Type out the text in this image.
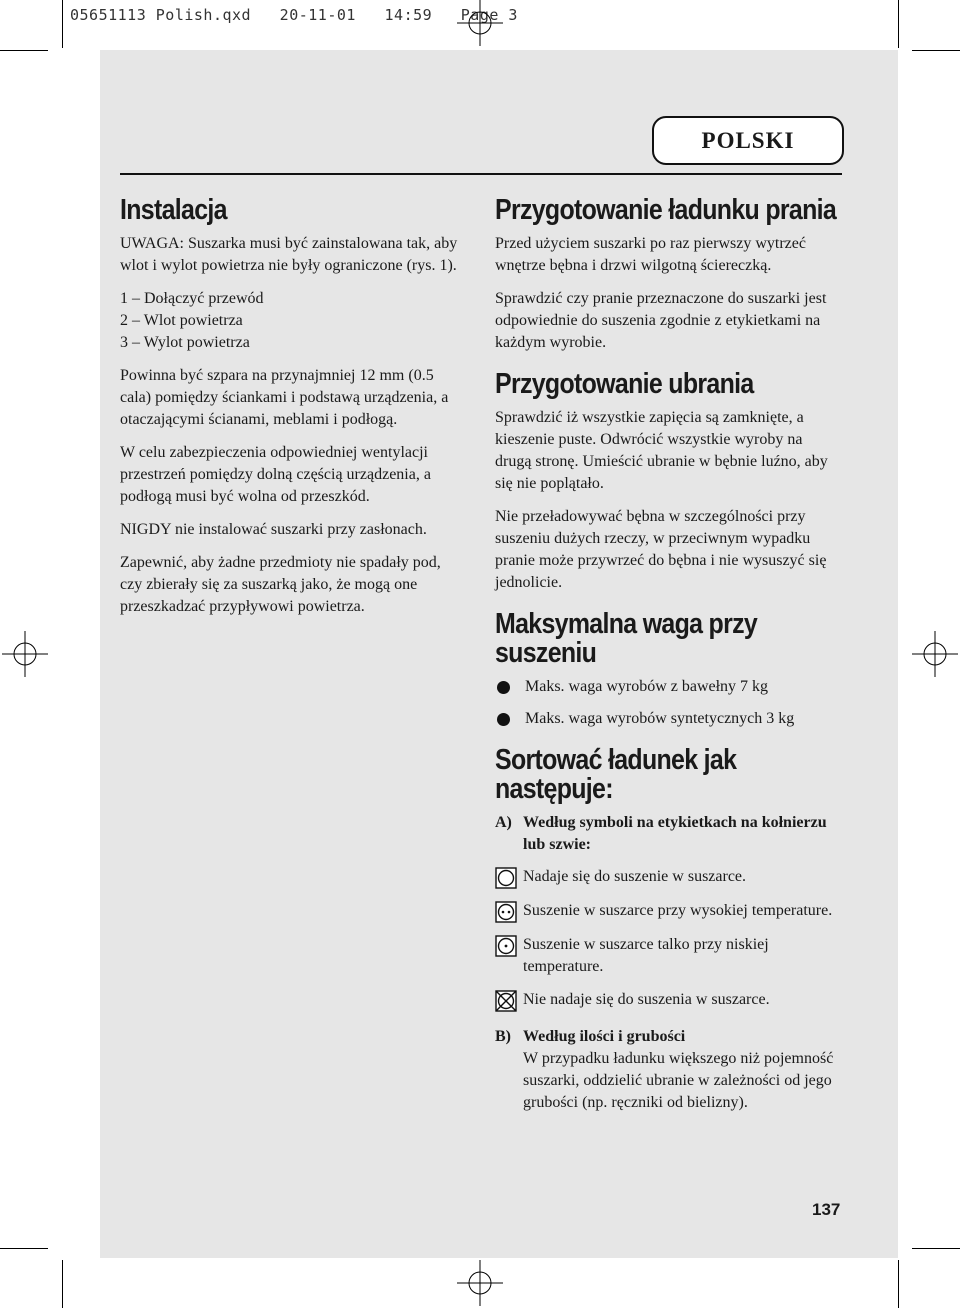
05651113 Polish.qxd   20-11-01   14:59   Page 3
POLSKI
Instalacja

UWAGA: Suszarka musi być zainstalowana tak, aby wlot i wylot powietrza nie były ograniczone (rys. 1).

1 – Dołączyć przewód

2 – Wlot powietrza

3 – Wylot powietrza

Powinna być szpara na przynajmniej 12 mm (0.5 cala) pomiędzy ściankami i podstawą urządzenia, a otaczającymi ścianami, meblami i podłogą.

W celu zabezpieczenia odpowiedniej wentylacji przestrzeń pomiędzy dolną częścią urządzenia, a podłogą musi być wolna od przeszkód.

NIGDY nie instalować suszarki przy zasłonach.

Zapewnić, aby żadne przedmioty nie spadały pod, czy zbierały się za suszarką jako, że mogą one przeszkadzać przypływowi powietrza.

Przygotowanie ładunku prania

Przed użyciem suszarki po raz pierwszy wytrzeć wnętrze bębna i drzwi wilgotną ściereczką.

Sprawdzić czy pranie przeznaczone do suszarki jest odpowiednie do suszenia zgodnie z etykietkami na każdym wyrobie.

Przygotowanie ubrania

Sprawdzić iż wszystkie zapięcia są zamknięte, a kieszenie puste. Odwrócić wszystkie wyroby na drugą stronę. Umieścić ubranie w bębnie luźno, aby się nie poplątało.

Nie przeładowywać bębna w szczególności przy suszeniu dużych rzeczy, w przeciwnym wypadku pranie może przywrzeć do bębna i nie wysuszyć się jednolicie.

Maksymalna waga przy suszeniu
Maks. waga wyrobów z bawełny 7 kg
Maks. waga wyrobów syntetycznych 3 kg
Sortować ładunek jak następuje:
A) Według symboli na etykietkach na kołnierzu lub szwie:
Nadaje się do suszenie w suszarce.
Suszenie w suszarce przy wysokiej temperature.
Suszenie w suszarce talko przy niskiej temperature.
Nie nadaje się do suszenia w suszarce.
B) Według ilości i grubości
W przypadku ładunku większego niż pojemność suszarki, oddzielić ubranie w zależności od jego grubości (np. ręczniki od bielizny).
137
